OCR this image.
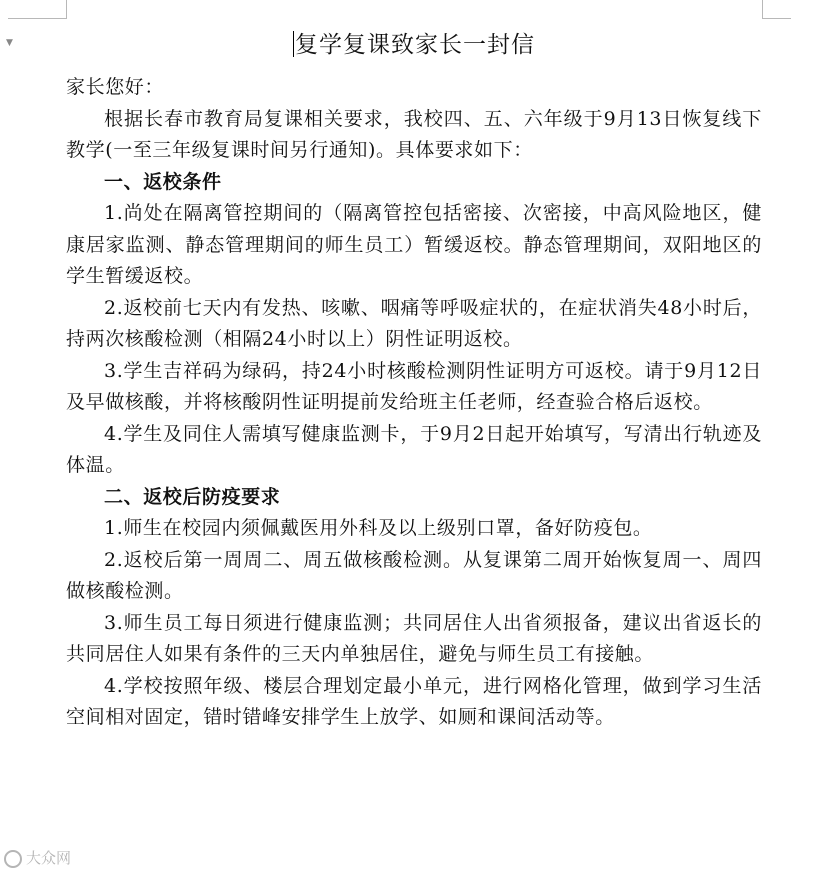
▼	复学复课致家长一封信

家长您好：

根据长春市教育局复课相关要求，我校四、五、六年级于9月13日恢复线下教学(一至三年级复课时间另行通知)。具体要求如下：

一、返校条件

1.尚处在隔离管控期间的（隔离管控包括密接、次密接，中高风险地区，健康居家监测、静态管理期间的师生员工）暂缓返校。静态管理期间，双阳地区的学生暂缓返校。

2.返校前七天内有发热、咳嗽、咽痛等呼吸症状的，在症状消失48小时后，持两次核酸检测（相隔24小时以上）阴性证明返校。

3.学生吉祥码为绿码，持24小时核酸检测阴性证明方可返校。请于9月12日及早做核酸，并将核酸阴性证明提前发给班主任老师，经查验合格后返校。

4.学生及同住人需填写健康监测卡，于9月2日起开始填写，写清出行轨迹及体温。

二、返校后防疫要求

1.师生在校园内须佩戴医用外科及以上级别口罩，备好防疫包。

2.返校后第一周周二、周五做核酸检测。从复课第二周开始恢复周一、周四做核酸检测。

3.师生员工每日须进行健康监测；共同居住人出省须报备，建议出省返长的共同居住人如果有条件的三天内单独居住，避免与师生员工有接触。

4.学校按照年级、楼层合理划定最小单元，进行网格化管理，做到学习生活空间相对固定，错时错峰安排学生上放学、如厕和课间活动等。

大众网
